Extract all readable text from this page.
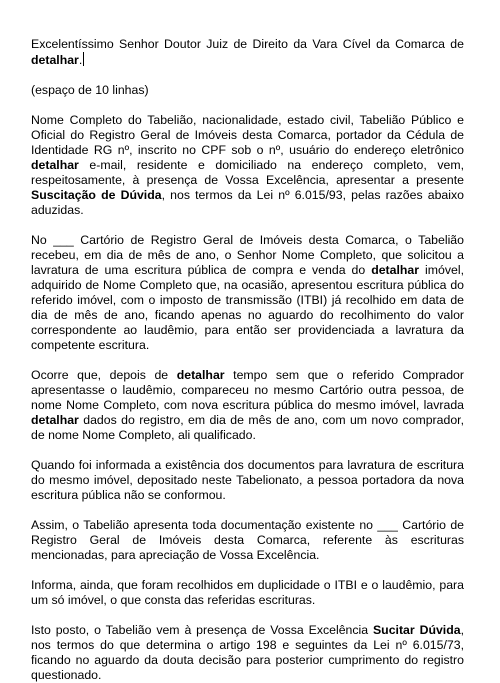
Excelentíssimo Senhor Doutor Juiz de Direito da Vara Cível da Comarca de detalhar.

(espaço de 10 linhas)

Nome Completo do Tabelião, nacionalidade, estado civil, Tabelião Público e Oficial do Registro Geral de Imóveis desta Comarca, portador da Cédula de Identidade RG nº, inscrito no CPF sob o nº, usuário do endereço eletrônico detalhar e-mail, residente e domiciliado na endereço completo, vem, respeitosamente, à presença de Vossa Excelência, apresentar a presente Suscitação de Dúvida, nos termos da Lei nº 6.015/93, pelas razões abaixo aduzidas.

No ___ Cartório de Registro Geral de Imóveis desta Comarca, o Tabelião recebeu, em dia de mês de ano, o Senhor Nome Completo, que solicitou a lavratura de uma escritura pública de compra e venda do detalhar imóvel, adquirido de Nome Completo que, na ocasião, apresentou escritura pública do referido imóvel, com o imposto de transmissão (ITBI) já recolhido em data de dia de mês de ano, ficando apenas no aguardo do recolhimento do valor correspondente ao laudêmio, para então ser providenciada a lavratura da competente escritura.

Ocorre que, depois de detalhar tempo sem que o referido Comprador apresentasse o laudêmio, compareceu no mesmo Cartório outra pessoa, de nome Nome Completo, com nova escritura pública do mesmo imóvel, lavrada detalhar dados do registro, em dia de mês de ano, com um novo comprador, de nome Nome Completo, ali qualificado.

Quando foi informada a existência dos documentos para lavratura de escritura do mesmo imóvel, depositado neste Tabelionato, a pessoa portadora da nova escritura pública não se conformou.

Assim, o Tabelião apresenta toda documentação existente no ___ Cartório de Registro Geral de Imóveis desta Comarca, referente às escrituras mencionadas, para apreciação de Vossa Excelência.

Informa, ainda, que foram recolhidos em duplicidade o ITBI e o laudêmio, para um só imóvel, o que consta das referidas escrituras.

Isto posto, o Tabelião vem à presença de Vossa Excelência Sucitar Dúvida, nos termos do que determina o artigo 198 e seguintes da Lei nº 6.015/73, ficando no aguardo da douta decisão para posterior cumprimento do registro questionado.
